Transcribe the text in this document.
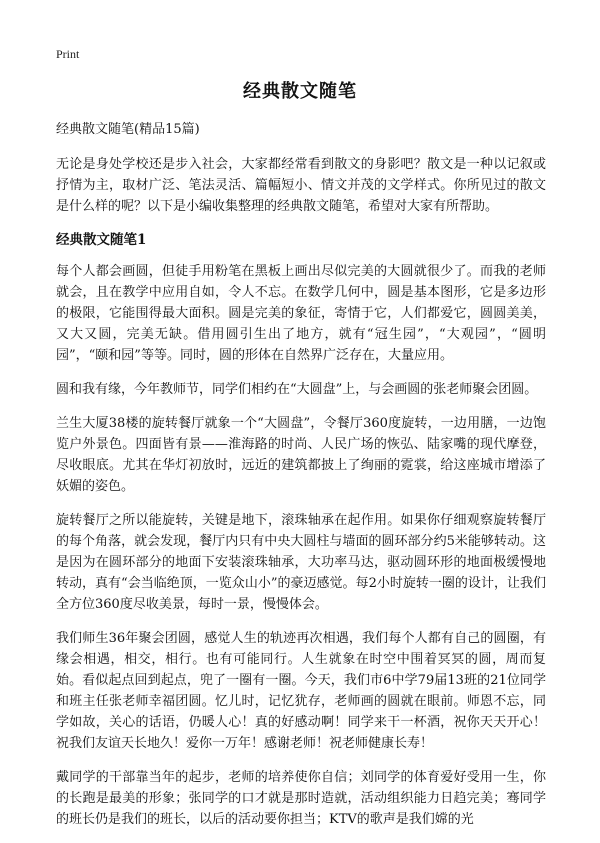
Print
经典散文随笔

经典散文随笔(精品15篇)

无论是身处学校还是步入社会，大家都经常看到散文的身影吧？散文是一种以记叙或抒情为主，取材广泛、笔法灵活、篇幅短小、情文并茂的文学样式。你所见过的散文是什么样的呢？以下是小编收集整理的经典散文随笔，希望对大家有所帮助。

经典散文随笔1

每个人都会画圆，但徒手用粉笔在黑板上画出尽似完美的大圆就很少了。而我的老师就会，且在教学中应用自如，令人不忘。在数学几何中，圆是基本图形，它是多边形的极限，它能围得最大面积。圆是完美的象征，寄情于它，人们都爱它，圆圆美美，又大又圆，完美无缺。借用圆引生出了地方，就有“冠生园”，“大观园”，“圆明园”，“颐和园”等等。同时，圆的形体在自然界广泛存在，大量应用。

圆和我有缘，今年教师节，同学们相约在“大圆盘”上，与会画圆的张老师聚会团圆。

兰生大厦38楼的旋转餐厅就象一个“大圆盘”，令餐厅360度旋转，一边用膳，一边饱览户外景色。四面皆有景——淮海路的时尚、人民广场的恢弘、陆家嘴的现代摩登，尽收眼底。尤其在华灯初放时，远近的建筑都披上了绚丽的霓裳，给这座城市增添了妖媚的姿色。

旋转餐厅之所以能旋转，关键是地下，滚珠轴承在起作用。如果你仔细观察旋转餐厅的每个角落，就会发现，餐厅内只有中央大圆柱与墙面的圆环部分约5米能够转动。这是因为在圆环部分的地面下安装滚珠轴承，大功率马达，驱动圆环形的地面极缓慢地转动，真有“会当临绝顶，一览众山小”的豪迈感觉。每2小时旋转一圈的设计，让我们全方位360度尽收美景，每时一景，慢慢体会。

我们师生36年聚会团圆，感觉人生的轨迹再次相遇，我们每个人都有自己的圆圈，有缘会相遇，相交，相行。也有可能同行。人生就象在时空中围着冥冥的圆，周而复始。看似起点回到起点，兜了一圈有一圈。今天，我们市6中学79届13班的21位同学和班主任张老师幸福团圆。忆儿时，记忆犹存，老师画的圆就在眼前。师恩不忘，同学如故，关心的话语，仍暖人心！真的好感动啊！同学来干一杯酒，祝你天天开心！祝我们友谊天长地久！爱你一万年！感谢老师！祝老师健康长寿！

戴同学的干部靠当年的起步，老师的培养使你自信；刘同学的体育爱好受用一生，你的长跑是最美的形象；张同学的口才就是那时造就，活动组织能力日趋完美；骞同学的班长仍是我们的班长，以后的活动要你担当；KTV的歌声是我们嫦的光
